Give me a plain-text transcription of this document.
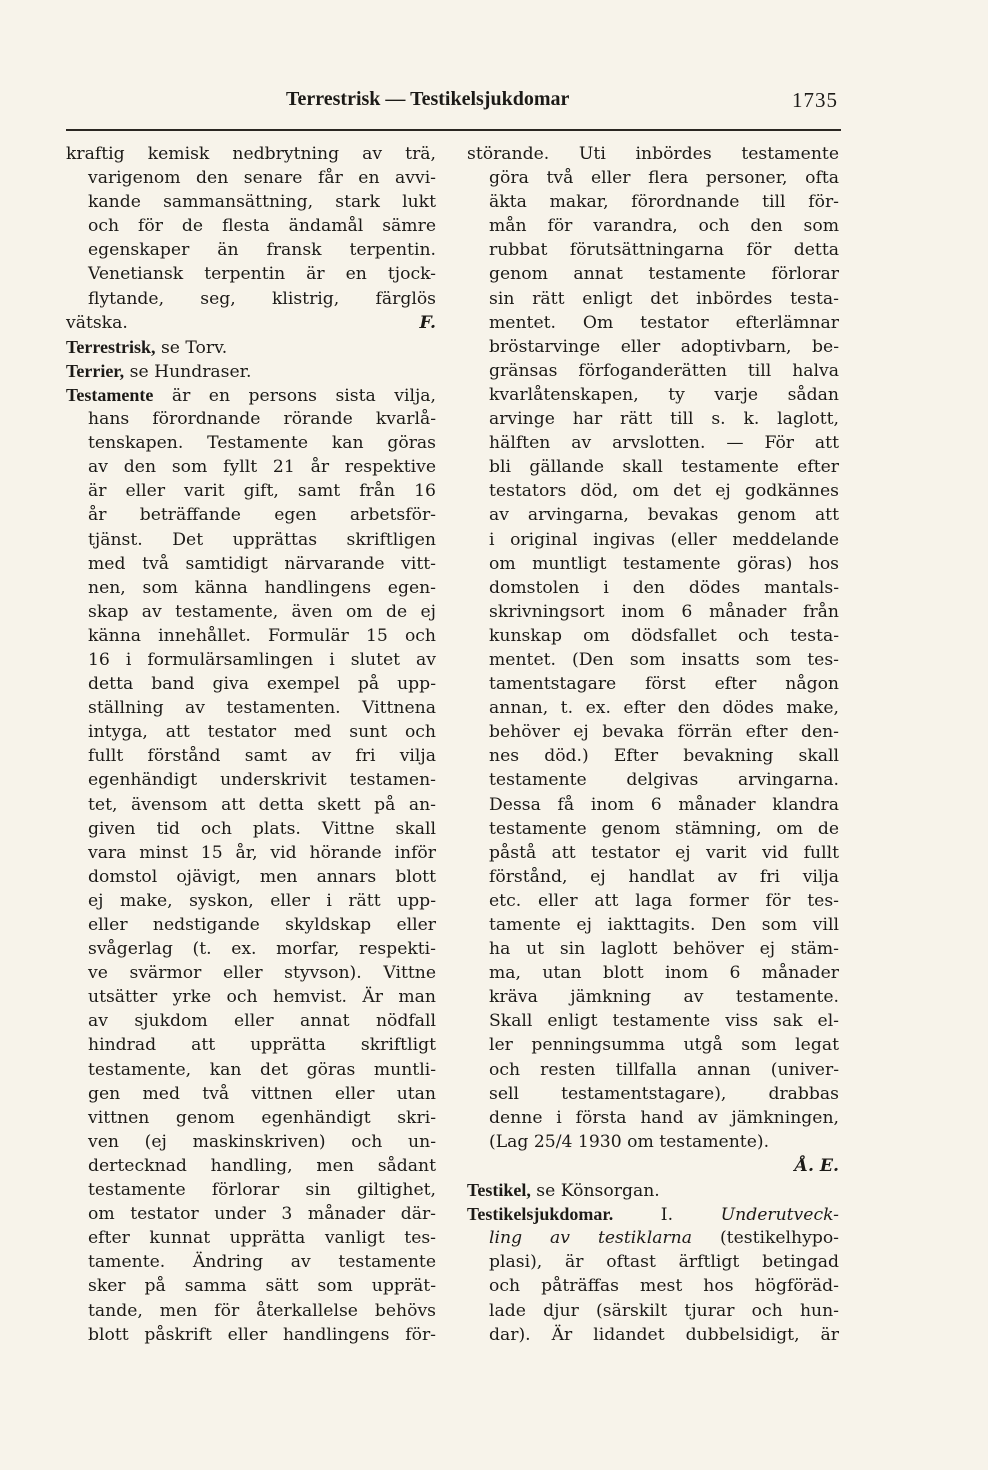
Terrestrisk — Testikelsjukdomar	1735
kraftig kemisk nedbrytning av trä,
varigenom den senare får en avvi-
kande sammansättning, stark lukt
och för de flesta ändamål sämre
egenskaper än fransk terpentin.
Venetiansk terpentin är en tjock-
flytande, seg, klistrig, färglös
vätska.	F.
Terrestrisk, se Torv.
Terrier, se Hundraser.
Testamente är en persons sista vilja,
hans förordnande rörande kvarlå-
tenskapen. Testamente kan göras
av den som fyllt 21 år respektive
är eller varit gift, samt från 16
år beträffande egen arbetsför-
tjänst. Det upprättas skriftligen
med två samtidigt närvarande vitt-
nen, som känna handlingens egen-
skap av testamente, även om de ej
känna innehållet. Formulär 15 och
16 i formulärsamlingen i slutet av
detta band giva exempel på upp-
ställning av testamenten. Vittnena
intyga, att testator med sunt och
fullt förstånd samt av fri vilja
egenhändigt underskrivit testamen-
tet, ävensom att detta skett på an-
given tid och plats. Vittne skall
vara minst 15 år, vid hörande inför
domstol ojävigt, men annars blott
ej make, syskon, eller i rätt upp-
eller nedstigande skyldskap eller
svågerlag (t. ex. morfar, respekti-
ve svärmor eller styvson). Vittne
utsätter yrke och hemvist. Är man
av sjukdom eller annat nödfall
hindrad att upprätta skriftligt
testamente, kan det göras muntli-
gen med två vittnen eller utan
vittnen genom egenhändigt skri-
ven (ej maskinskriven) och un-
dertecknad handling, men sådant
testamente förlorar sin giltighet,
om testator under 3 månader där-
efter kunnat upprätta vanligt tes-
tamente. Ändring av testamente
sker på samma sätt som upprät-
tande, men för återkallelse behövs
blott påskrift eller handlingens för-
störande. Uti inbördes testamente
göra två eller flera personer, ofta
äkta makar, förordnande till för-
mån för varandra, och den som
rubbat förutsättningarna för detta
genom annat testamente förlorar
sin rätt enligt det inbördes testa-
mentet. Om testator efterlämnar
bröstarvinge eller adoptivbarn, be-
gränsas förfoganderätten till halva
kvarlåtenskapen, ty varje sådan
arvinge har rätt till s. k. laglott,
hälften av arvslotten. — För att
bli gällande skall testamente efter
testators död, om det ej godkännes
av arvingarna, bevakas genom att
i original ingivas (eller meddelande
om muntligt testamente göras) hos
domstolen i den dödes mantals-
skrivningsort inom 6 månader från
kunskap om dödsfallet och testa-
mentet. (Den som insatts som tes-
tamentstagare först efter någon
annan, t. ex. efter den dödes make,
behöver ej bevaka förrän efter den-
nes död.) Efter bevakning skall
testamente delgivas arvingarna.
Dessa få inom 6 månader klandra
testamente genom stämning, om de
påstå att testator ej varit vid fullt
förstånd, ej handlat av fri vilja
etc. eller att laga former för tes-
tamente ej iakttagits. Den som vill
ha ut sin laglott behöver ej stäm-
ma, utan blott inom 6 månader
kräva jämkning av testamente.
Skall enligt testamente viss sak el-
ler penningsumma utgå som legat
och resten tillfalla annan (univer-
sell testamentstagare), drabbas
denne i första hand av jämkningen,
(Lag 25/4 1930 om testamente).
Å. E.
Testikel, se Könsorgan.
Testikelsjukdomar. I. Underutveck-
ling av testiklarna (testikelhypo-
plasi), är oftast ärftligt betingad
och påträffas mest hos högföräd-
lade djur (särskilt tjurar och hun-
dar). Är lidandet dubbelsidigt, är
